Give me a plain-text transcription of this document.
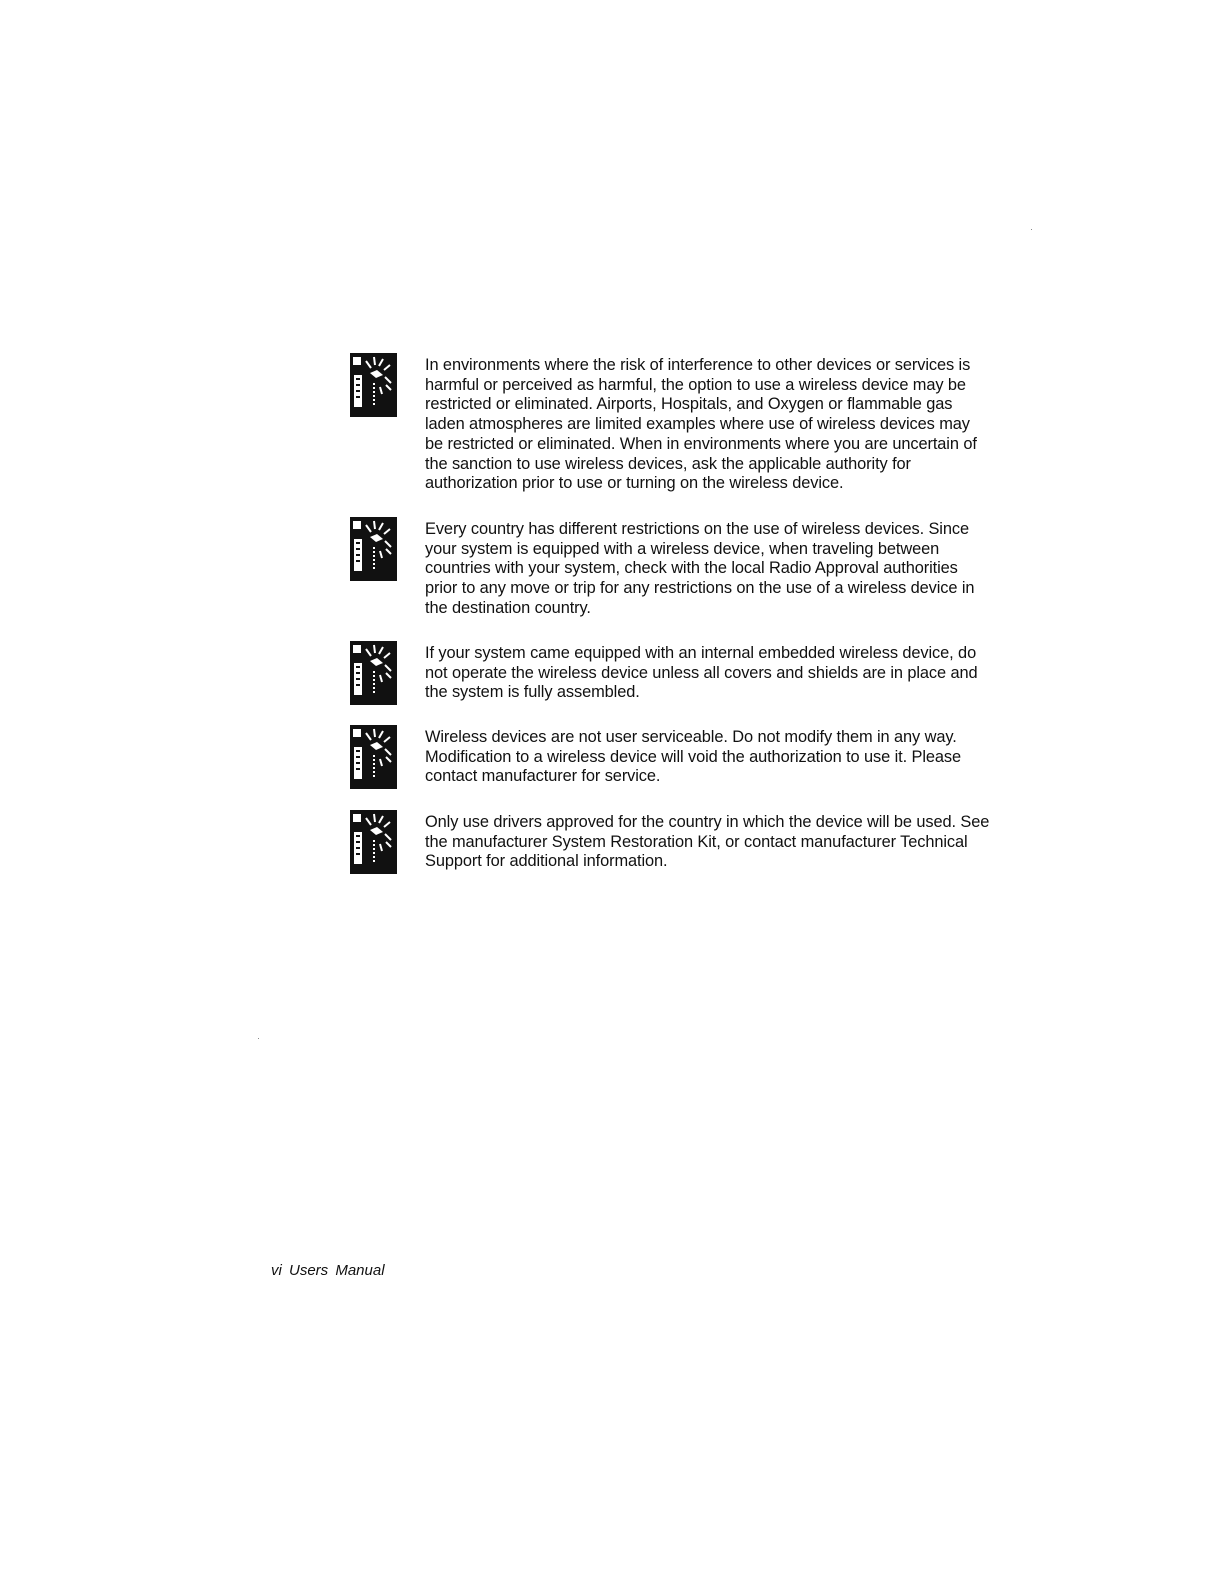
In environments where the risk of interference to other devices or services is harmful or perceived as harmful, the option to use a wireless device may be restricted or eliminated. Airports, Hospitals, and Oxygen or flammable gas laden atmospheres are limited examples where use of wireless devices may be restricted or eliminated. When in environments where you are uncertain of the sanction to use wireless devices, ask the applicable authority for authorization prior to use or turning on the wireless device.

Every country has different restrictions on the use of wireless devices. Since your system is equipped with a wireless device, when traveling between countries with your system, check with the local Radio Approval authorities prior to any move or trip for any restrictions on the use of a wireless device in the destination country.

If your system came equipped with an internal embedded wireless device, do not operate the wireless device unless all covers and shields are in place and the system is fully assembled.

Wireless devices are not user serviceable. Do not modify them in any way. Modification to a wireless device will void the authorization to use it. Please contact manufacturer for service.

Only use drivers approved for the country in which the device will be used. See the manufacturer System Restoration Kit, or contact manufacturer Technical Support for additional information.

vi Users Manual
